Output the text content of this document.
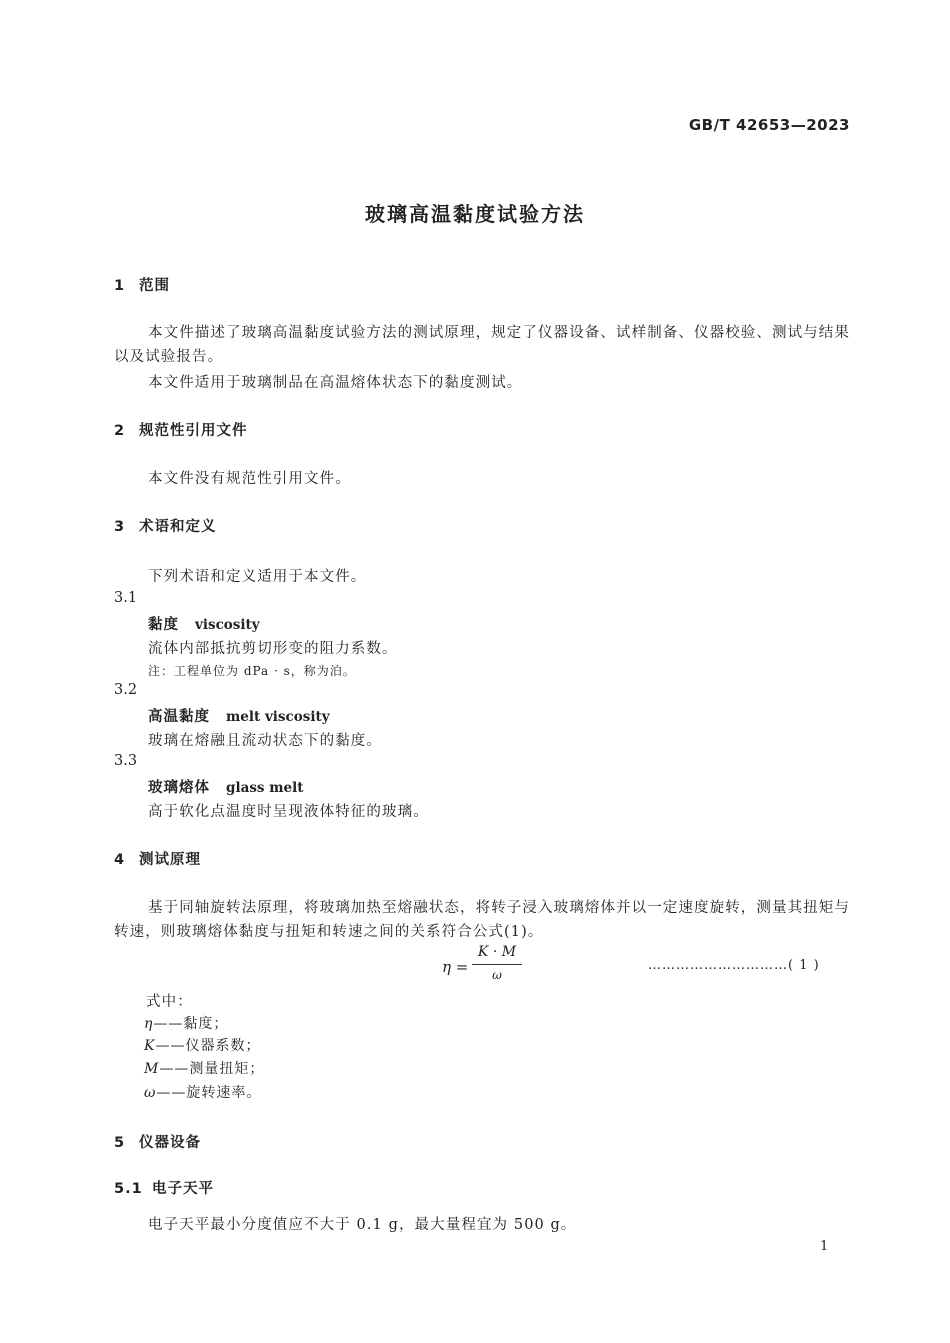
GB/T 42653—2023
玻璃高温黏度试验方法
1 范围
本文件描述了玻璃高温黏度试验方法的测试原理，规定了仪器设备、试样制备、仪器校验、测试与结果以及试验报告。
本文件适用于玻璃制品在高温熔体状态下的黏度测试。
2 规范性引用文件
本文件没有规范性引用文件。
3 术语和定义
下列术语和定义适用于本文件。
3.1
黏度 viscosity
流体内部抵抗剪切形变的阻力系数。
注：工程单位为 dPa · s，称为泊。
3.2
高温黏度 melt viscosity
玻璃在熔融且流动状态下的黏度。
3.3
玻璃熔体 glass melt
高于软化点温度时呈现液体特征的玻璃。
4 测试原理
基于同轴旋转法原理，将玻璃加热至熔融状态，将转子浸入玻璃熔体并以一定速度旋转，测量其扭矩与转速，则玻璃熔体黏度与扭矩和转速之间的关系符合公式(1)。
η =
K · M
ω
…………………………( 1 )
式中：
η——黏度；
K——仪器系数；
M——测量扭矩；
ω——旋转速率。
5 仪器设备
5.1 电子天平
电子天平最小分度值应不大于 0.1 g，最大量程宜为 500 g。
1
